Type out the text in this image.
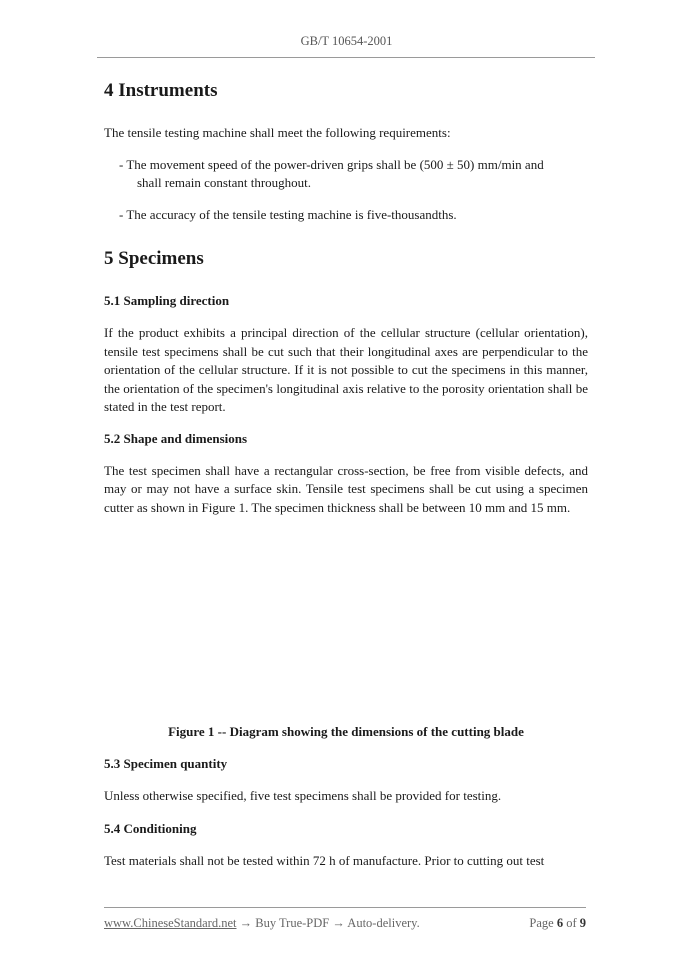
GB/T 10654-2001
4 Instruments

The tensile testing machine shall meet the following requirements:

- The movement speed of the power-driven grips shall be (500 ± 50) mm/min and
shall remain constant throughout.

- The accuracy of the tensile testing machine is five-thousandths.

5 Specimens
5.1 Sampling direction

If the product exhibits a principal direction of the cellular structure (cellular orientation), tensile test specimens shall be cut such that their longitudinal axes are perpendicular to the orientation of the cellular structure. If it is not possible to cut the specimens in this manner, the orientation of the specimen's longitudinal axis relative to the porosity orientation shall be stated in the test report.

5.2 Shape and dimensions

The test specimen shall have a rectangular cross-section, be free from visible defects, and may or may not have a surface skin. Tensile test specimens shall be cut using a specimen cutter as shown in Figure 1. The specimen thickness shall be between 10 mm and 15 mm.

Figure 1 -- Diagram showing the dimensions of the cutting blade

5.3 Specimen quantity

Unless otherwise specified, five test specimens shall be provided for testing.

5.4 Conditioning

Test materials shall not be tested within 72 h of manufacture. Prior to cutting out test

www.ChineseStandard.net → Buy True-PDF → Auto-delivery.	Page 6 of 9
